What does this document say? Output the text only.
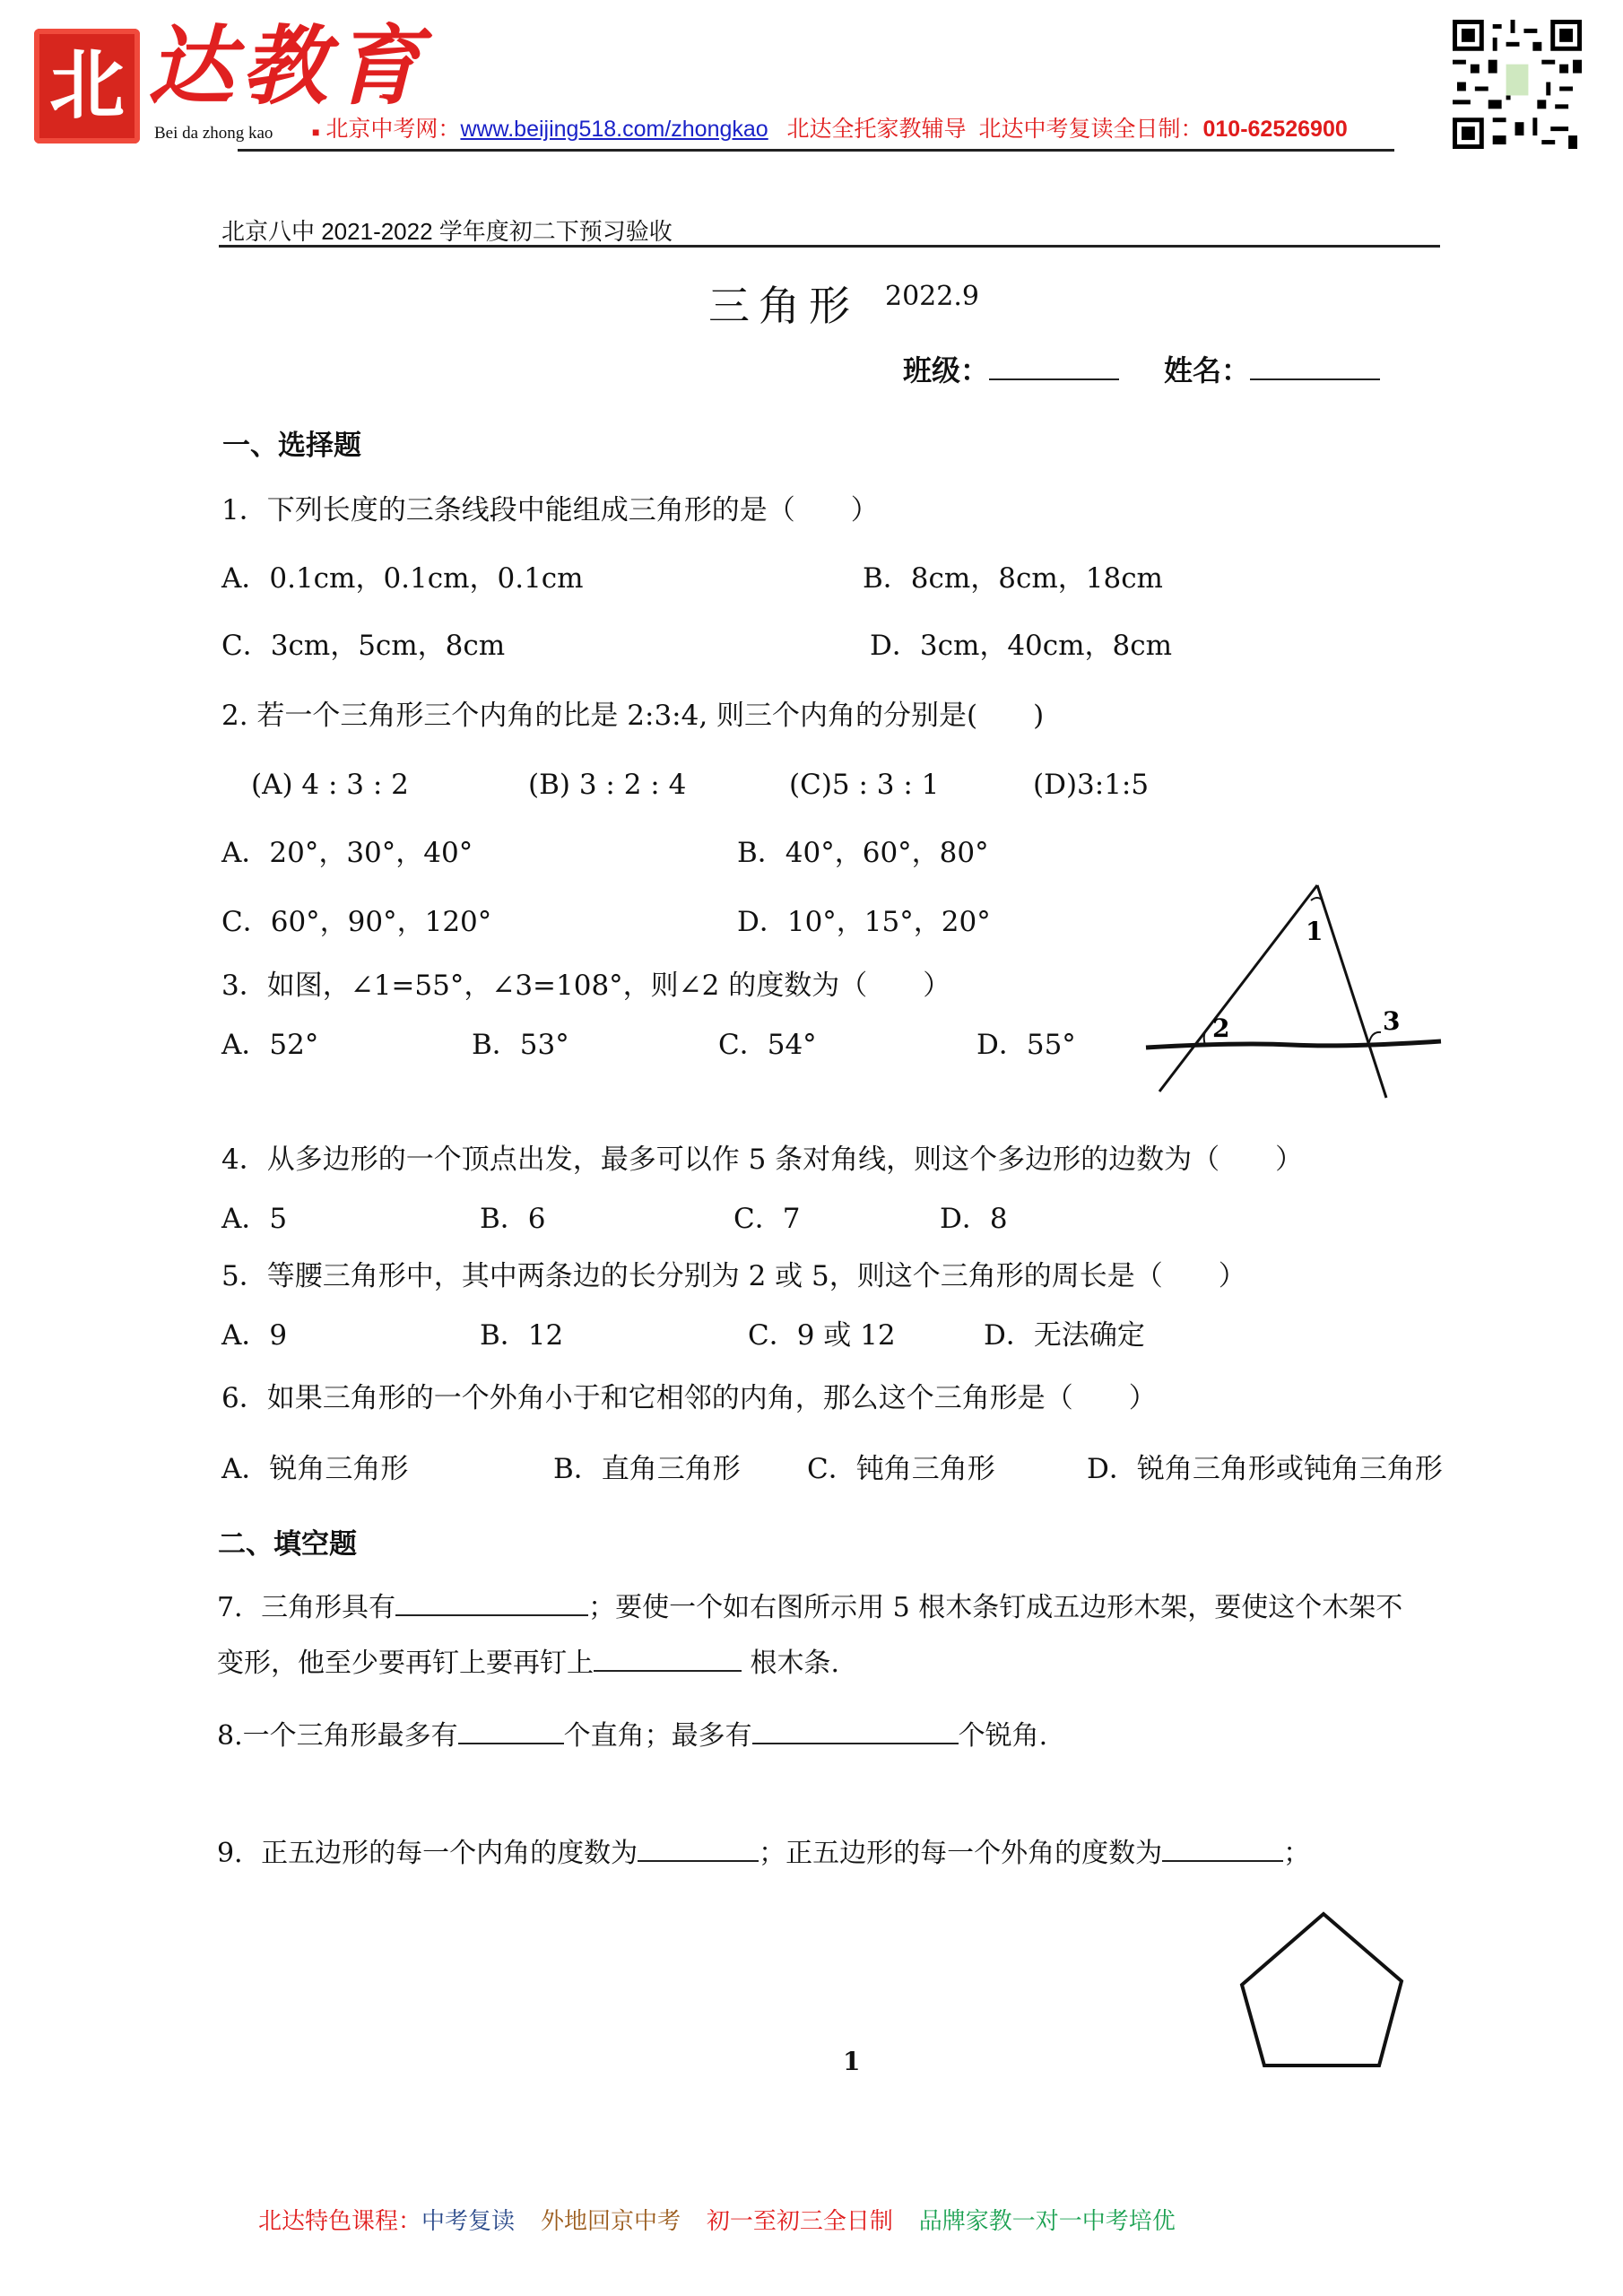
北 达教育
Bei da zhong kao	■ 北京中考网：www.beijing518.com/zhongkao 北达全托家教辅导 北达中考复读全日制：010-62526900
北京八中 2021-2022 学年度初二下预习验收
三角形 2022.9
班级：	姓名：
一、选择题
1．下列长度的三条线段中能组成三角形的是（　　）
A．0.1cm，0.1cm，0.1cm	B．8cm，8cm，18cm
C．3cm，5cm，8cm	D．3cm，40cm，8cm
2. 若一个三角形三个内角的比是 2:3:4, 则三个内角的分别是(　　)
(A) 4 : 3 : 2	(B) 3 : 2 : 4	(C)5 : 3 : 1	(D)3:1:5
A．20°，30°，40°	B．40°，60°，80°
C．60°，90°，120°	D．10°，15°，20°
3．如图，∠1=55°，∠3=108°，则∠2 的度数为（　　）
A．52°	B．53°	C．54°	D．55°
1
2	3
4．从多边形的一个顶点出发，最多可以作 5 条对角线，则这个多边形的边数为（　　）
A．5	B．6	C．7	D．8
5．等腰三角形中，其中两条边的长分别为 2 或 5，则这个三角形的周长是（　　）
A．9	B．12	C．9 或 12	D．无法确定
6．如果三角形的一个外角小于和它相邻的内角，那么这个三角形是（　　）
A．锐角三角形	B．直角三角形 C．钝角三角形	D．锐角三角形或钝角三角形
二、填空题
7．三角形具有	；要使一个如右图所示用 5 根木条钉成五边形木架，要使这个木架不
变形，他至少要再钉上要再钉上	根木条.
8.一个三角形最多有	个直角；最多有	个锐角.
9．正五边形的每一个内角的度数为	；正五边形的每一个外角的度数为	；
1
北达特色课程：中考复读 外地回京中考 初一至初三全日制 品牌家教一对一中考培优
